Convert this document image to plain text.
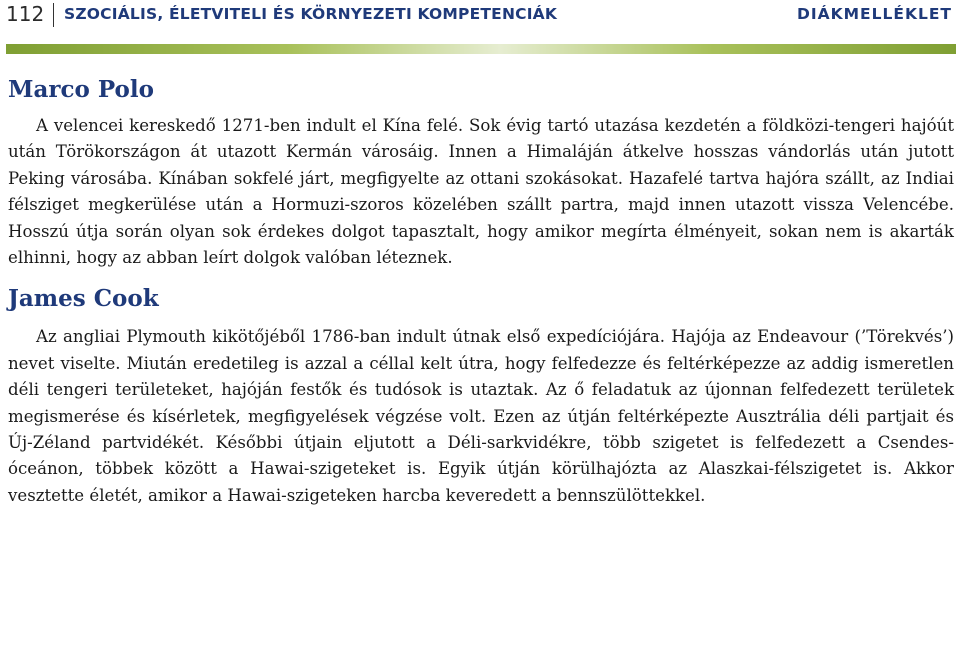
112 SZOCIÁLIS, ÉLETVITELI ÉS KÖRNYEZETI KOMPETENCIÁK	DIÁKMELLÉKLET
Marco Polo

A velencei kereskedő 1271-ben indult el Kína felé. Sok évig tartó utazása kezdetén a földközi-tengeri hajóút után Törökországon át utazott Kermán városáig. Innen a Himaláján átkelve hosszas vándorlás után jutott Peking városába. Kínában sokfelé járt, megfigyelte az ottani szokásokat. Hazafelé tartva hajóra szállt, az Indiai félsziget megkerülése után a Hormuzi-szoros közelében szállt partra, majd innen utazott vissza Velencébe. Hosszú útja során olyan sok érdekes dolgot tapasztalt, hogy amikor megírta élményeit, sokan nem is akarták elhinni, hogy az abban leírt dolgok valóban léteznek.

James Cook

Az angliai Plymouth kikötőjéből 1786-ban indult útnak első expedíciójára. Hajója az Endeavour (’Törekvés’) nevet viselte. Miután eredetileg is azzal a céllal kelt útra, hogy felfedezze és feltérképezze az addig ismeretlen déli tengeri területeket, hajóján festők és tudósok is utaztak. Az ő feladatuk az újonnan felfedezett területek megismerése és kísérletek, megfigyelések végzése volt. Ezen az útján feltérképezte Ausztrália déli partjait és Új-Zéland partvidékét. Későbbi útjain eljutott a Déli-sarkvidékre, több szigetet is felfedezett a Csendes-óceánon, többek között a Hawai-szigeteket is. Egyik útján körülhajózta az Alaszkai-félszigetet is. Akkor vesztette életét, amikor a Hawai-szigeteken harcba keveredett a bennszülöttekkel.
